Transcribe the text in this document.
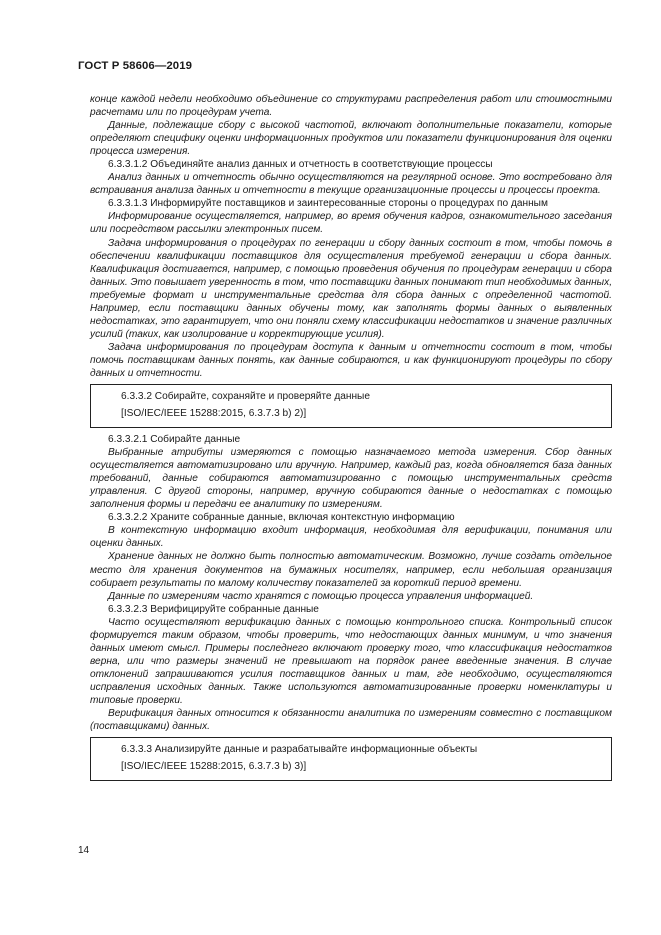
ГОСТ Р 58606—2019

конце каждой недели необходимо объединение со структурами распределения работ или стоимостными расчетами или по процедурам учета.

Данные, подлежащие сбору с высокой частотой, включают дополнительные показатели, которые определяют специфику оценки информационных продуктов или показатели функционирования для оценки процесса измерения.

6.3.3.1.2 Объединяйте анализ данных и отчетность в соответствующие процессы

Анализ данных и отчетность обычно осуществляются на регулярной основе. Это востребовано для встраивания анализа данных и отчетности в текущие организационные процессы и процессы проекта.

6.3.3.1.3 Информируйте поставщиков и заинтересованные стороны о процедурах по данным

Информирование осуществляется, например, во время обучения кадров, ознакомительного заседания или посредством рассылки электронных писем.

Задача информирования о процедурах по генерации и сбору данных состоит в том, чтобы помочь в обеспечении квалификации поставщиков для осуществления требуемой генерации и сбора данных. Квалификация достигается, например, с помощью проведения обучения по процедурам генерации и сбора данных. Это повышает уверенность в том, что поставщики данных понимают тип необходимых данных, требуемые формат и инструментальные средства для сбора данных с определенной частотой. Например, если поставщики данных обучены тому, как заполнять формы данных о выявленных недостатках, это гарантирует, что они поняли схему классификации недостатков и значение различных усилий (таких, как изолирование и корректирующие усилия).

Задача информирования по процедурам доступа к данным и отчетности состоит в том, чтобы помочь поставщикам данных понять, как данные собираются, и как функционируют процедуры по сбору данных и отчетности.

6.3.3.2 Собирайте, сохраняйте и проверяйте данные

[ISO/IEC/IEEE 15288:2015, 6.3.7.3 b) 2)]

6.3.3.2.1 Собирайте данные

Выбранные атрибуты измеряются с помощью назначаемого метода измерения. Сбор данных осуществляется автоматизировано или вручную. Например, каждый раз, когда обновляется база данных требований, данные собираются автоматизированно с помощью инструментальных средств управления. С другой стороны, например, вручную собираются данные о недостатках с помощью заполнения формы и передачи ее аналитику по измерениям.

6.3.3.2.2 Храните собранные данные, включая контекстную информацию

В контекстную информацию входит информация, необходимая для верификации, понимания или оценки данных.

Хранение данных не должно быть полностью автоматическим. Возможно, лучше создать отдельное место для хранения документов на бумажных носителях, например, если небольшая организация собирает результаты по малому количеству показателей за короткий период времени.

Данные по измерениям часто хранятся с помощью процесса управления информацией.

6.3.3.2.3 Верифицируйте собранные данные

Часто осуществляют верификацию данных с помощью контрольного списка. Контрольный список формируется таким образом, чтобы проверить, что недостающих данных минимум, и что значения данных имеют смысл. Примеры последнего включают проверку того, что классификация недостатков верна, или что размеры значений не превышают на порядок ранее введенные значения. В случае отклонений запрашиваются усилия поставщиков данных и там, где необходимо, осуществляются исправления исходных данных. Также используются автоматизированные проверки номенклатуры и типовые проверки.

Верификация данных относится к обязанности аналитика по измерениям совместно с поставщиком (поставщиками) данных.

6.3.3.3 Анализируйте данные и разрабатывайте информационные объекты

[ISO/IEC/IEEE 15288:2015, 6.3.7.3 b) 3)]

14
